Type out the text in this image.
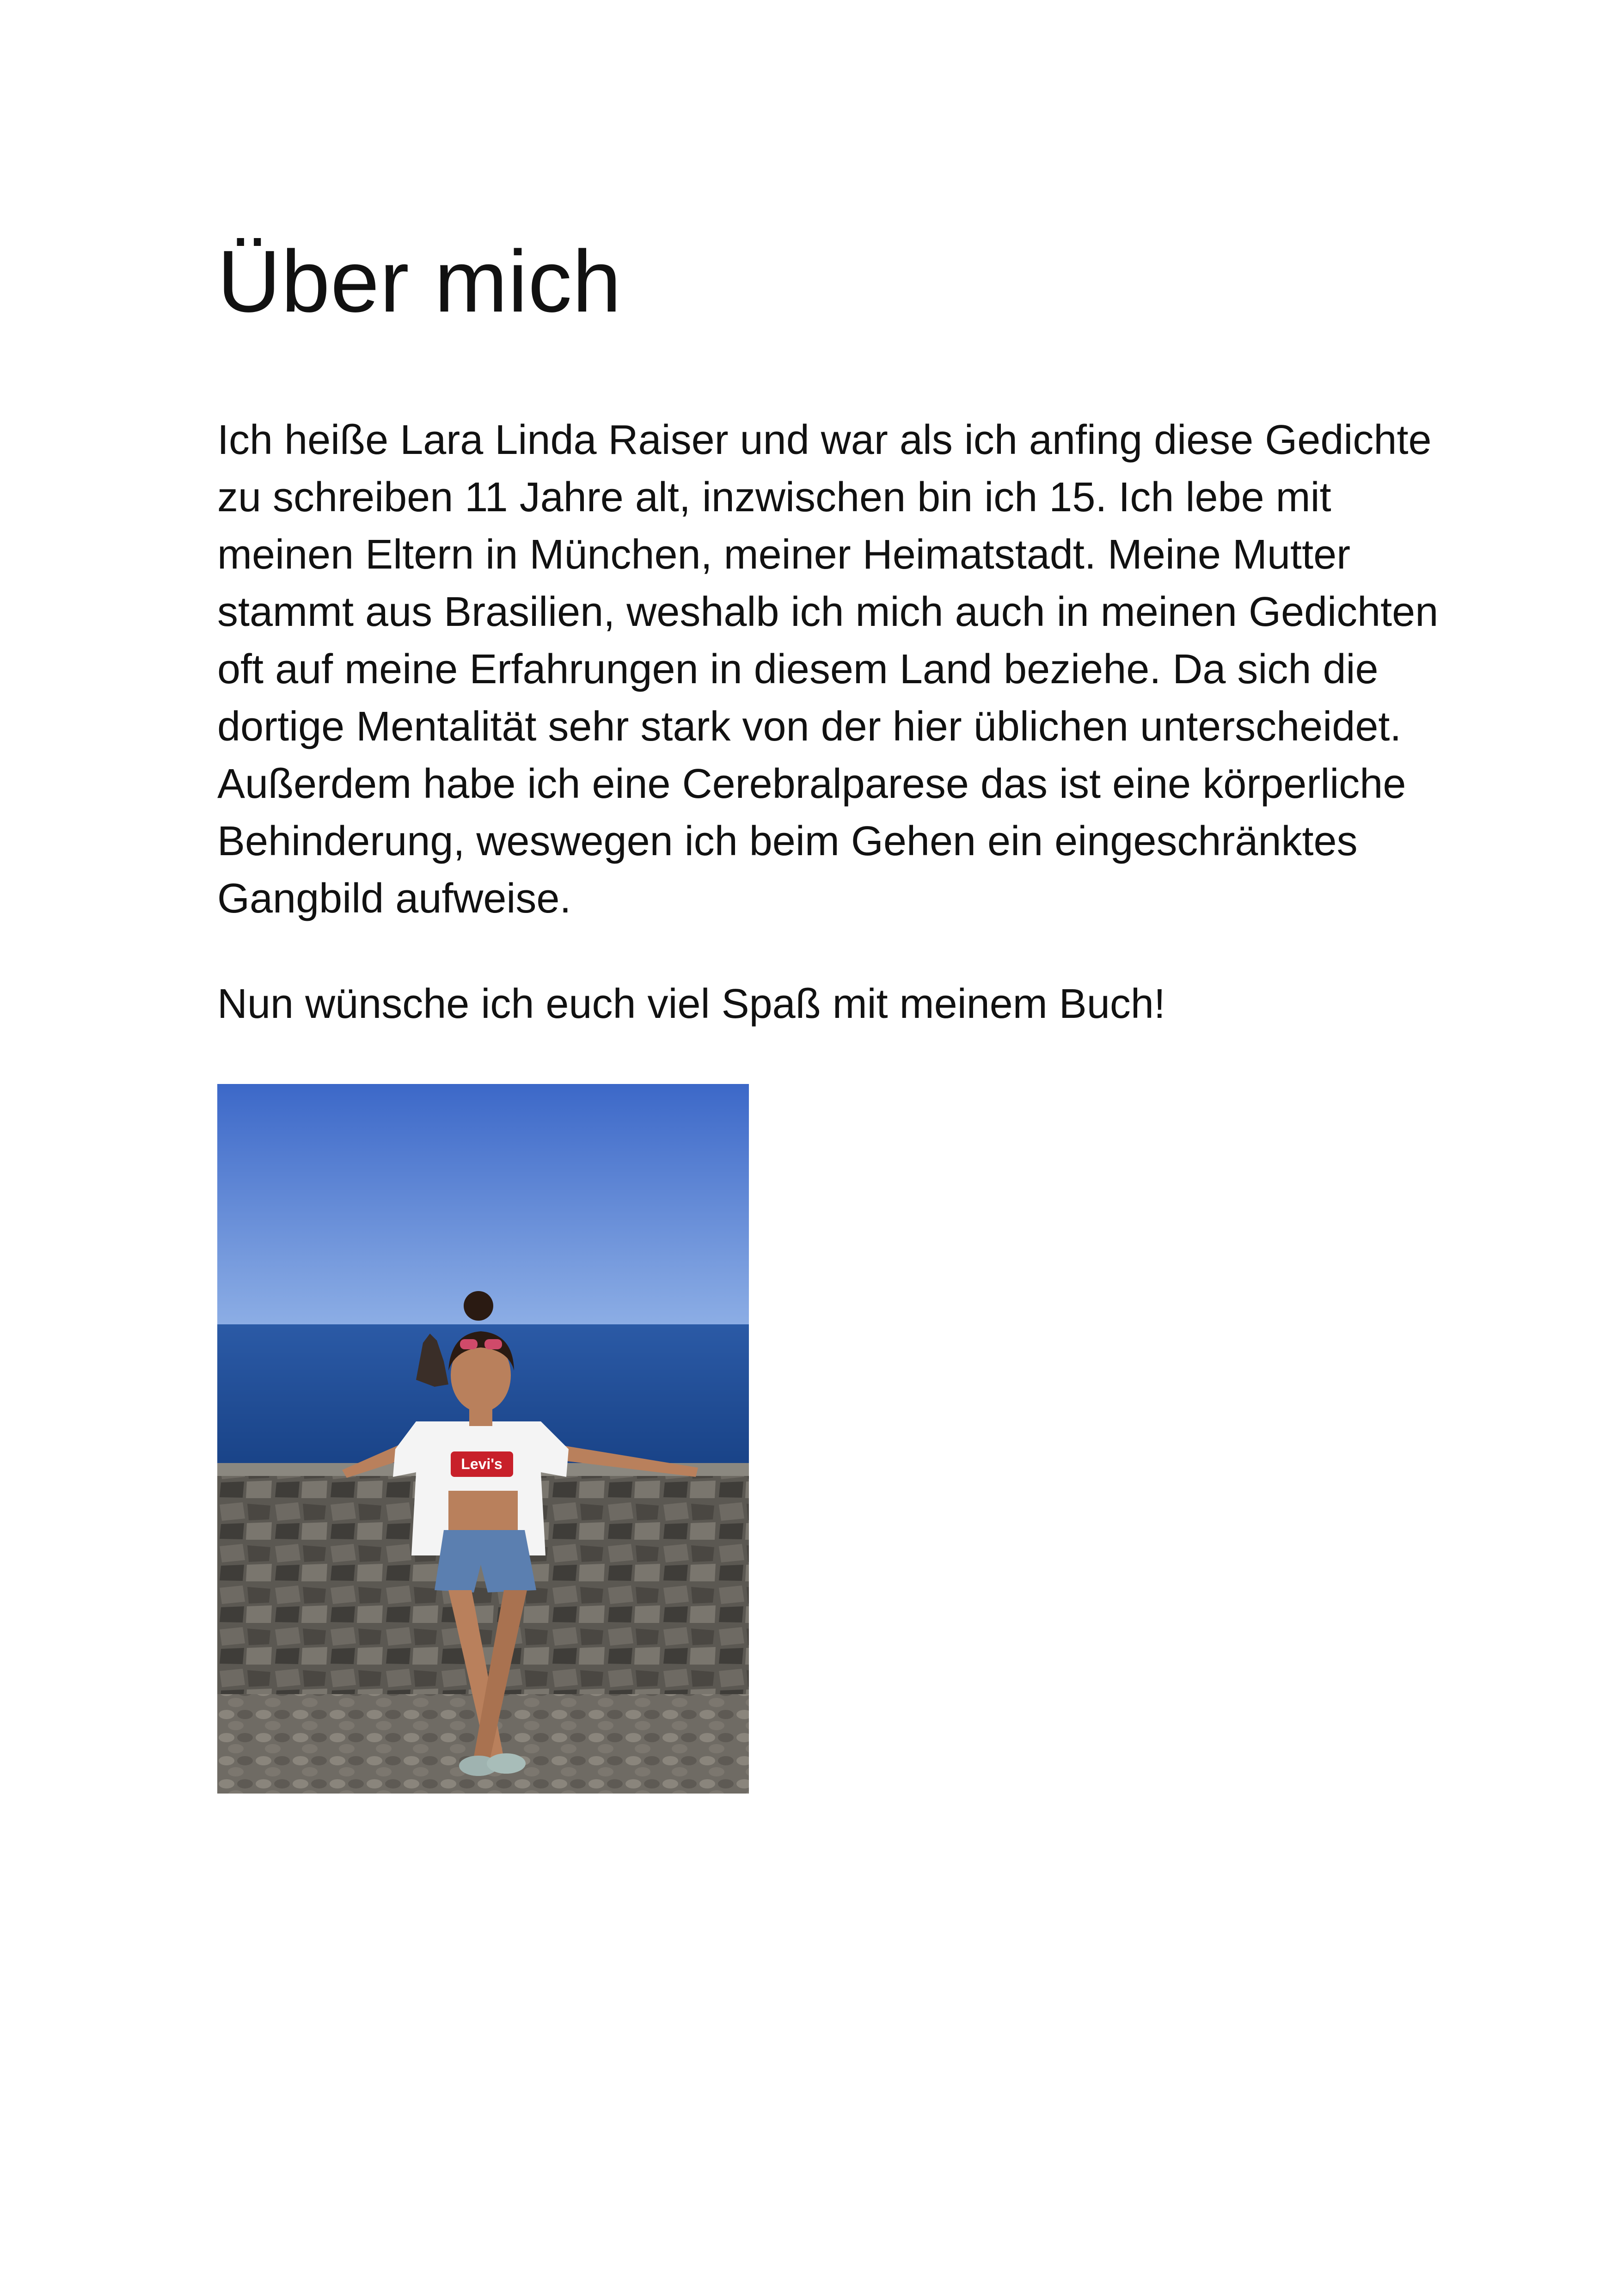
Über mich

Ich heiße Lara Linda Raiser und war als ich anfing diese Gedichte zu schreiben 11 Jahre alt, inzwischen bin ich 15. Ich lebe mit meinen Eltern in München, meiner Heimatstadt. Meine Mutter stammt aus Brasilien, weshalb ich mich auch in meinen Gedichten oft auf meine Erfahrungen in diesem Land beziehe. Da sich die dortige Mentalität sehr stark von der hier üblichen unterscheidet. Außerdem habe ich eine Cerebralparese das ist eine körperliche Behinderung, weswegen ich beim Gehen ein eingeschränktes Gangbild aufweise.

Nun wünsche ich euch viel Spaß mit meinem Buch!

Levi's
